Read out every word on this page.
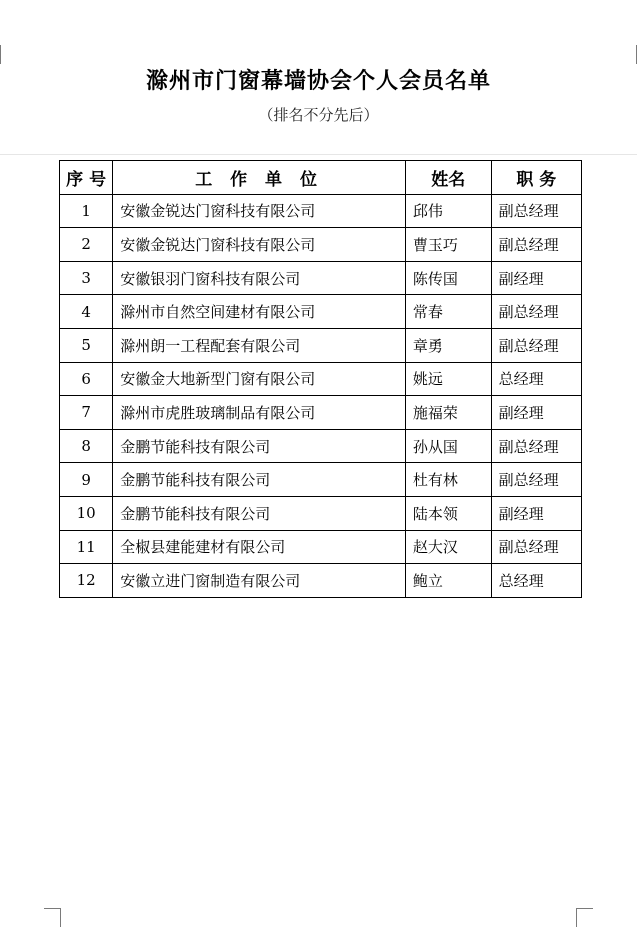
滁州市门窗幕墙协会个人会员名单
（排名不分先后）
序 号	工 作 单 位	姓名	职 务
1	安徽金锐达门窗科技有限公司	邱伟	副总经理
2	安徽金锐达门窗科技有限公司	曹玉巧	副总经理
3	安徽银羽门窗科技有限公司	陈传国	副经理
4	滁州市自然空间建材有限公司	常春	副总经理
5	滁州朗一工程配套有限公司	章勇	副总经理
6	安徽金大地新型门窗有限公司	姚远	总经理
7	滁州市虎胜玻璃制品有限公司	施福荣	副经理
8	金鹏节能科技有限公司	孙从国	副总经理
9	金鹏节能科技有限公司	杜有林	副总经理
10	金鹏节能科技有限公司	陆本领	副经理
11	全椒县建能建材有限公司	赵大汉	副总经理
12	安徽立进门窗制造有限公司	鲍立	总经理
